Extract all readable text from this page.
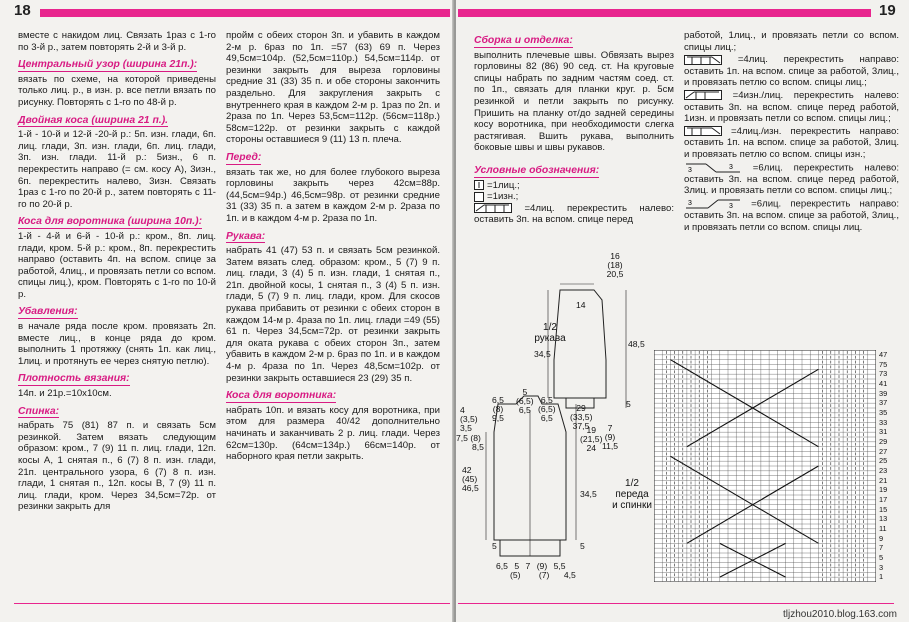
18

вместе с накидом лиц. Связать 1раз с 1-го по 3-й р., затем повторять 2-й и 3-й р.

Центральный узор (ширина 21п.):

вязать по схеме, на которой приведены только лиц. р., в изн. р. все петли вязать по рисунку. Повторять с 1-го по 48-й р.

Двойная коса (ширина 21 п.).

1-й - 10-й и 12-й -20-й р.: 5п. изн. глади, 6п. лиц. глади, 3п. изн. глади, 6п. лиц. глади, 3п. изн. глади. 11-й р.: 5изн., 6 п. перекрестить направо (= см. косу А), 3изн., 6п. перекрестить налево, 3изн. Связать 1раз с 1-го по 20-й р., затем повторять с 11-го по 20-й р.

Коса для воротника (ширина 10п.):

1-й - 4-й и 6-й - 10-й р.: кром., 8п. лиц. глади, кром. 5-й р.: кром., 8п. перекрестить направо (оставить 4п. на вспом. спице за работой, 4лиц., и провязать петли со вспом. спицы лиц.), кром. Повторять с 1-го по 10-й р.

Убавления:

в начале ряда после кром. провязать 2п. вместе лиц., в конце ряда до кром. выполнить 1 протяжку (снять 1п. как лиц., 1лиц. и протянуть ее через снятую петлю).

Плотность вязания:

14п. и 21р.=10х10см.

Спинка:

набрать 75 (81) 87 п. и связать 5см резинкой. Затем вязать следующим образом: кром., 7 (9) 11 п. лиц. глади, 12п. косы А, 1 снятая п., 6 (7) 8 п. изн. глади, 21п. центрального узора, 6 (7) 8 п. изн. глади, 1 снятая п., 12п. косы В, 7 (9) 11 п. лиц. глади, кром. Через 34,5см=72р. от резинки закрыть для

пройм с обеих сторон 3п. и убавить в каждом 2-м р. 6раз по 1п. =57 (63) 69 п. Через 49,5см=104р. (52,5см=110р.) 54,5см=114р. от резинки закрыть для выреза горловины средние 31 (33) 35 п. и обе стороны закончить раздельно. Для закругления закрыть с внутреннего края в каждом 2-м р. 1раз по 2п. и 2раза по 1п. Через 53,5см=112р. (56см=118р.) 58см=122р. от резинки закрыть с каждой стороны оставшиеся 9 (11) 13 п. плеча.

Перед:

вязать так же, но для более глубокого выреза горловины закрыть через 42см=88р. (44,5см=94р.) 46,5см=98р. от резинки средние 31 (33) 35 п. а затем в каждом 2-м р. 2раза по 1п. и в каждом 4-м р. 2раза по 1п.

Рукава:

набрать 41 (47) 53 п. и связать 5см резинкой. Затем вязать след. образом: кром., 5 (7) 9 п. лиц. глади, 3 (4) 5 п. изн. глади, 1 снятая п., 21п. двойной косы, 1 снятая п., 3 (4) 5 п. изн. глади, 5 (7) 9 п. лиц. глади, кром. Для скосов рукава прибавить от резинки с обеих сторон в каждом 14-м р. 4раза по 1п. лиц. глади =49 (55) 61 п. Через 34,5см=72р. от резинки закрыть для оката рукава с обеих сторон 3п., затем убавить в каждом 2-м р. 6раз по 1п. и в каждом 4-м р. 4раза по 1п. Через 48,5см=102р. от резинки закрыть оставшиеся 23 (29) 35 п.

Коса для воротника:

набрать 10п. и вязать косу для воротника, при этом для размера 40/42 дополнительно начинать и заканчивать 2 р. лиц. глади. Через 62см=130р. (64см=134р.) 66см=140р. от наборного края петли закрыть.

19
Сборка и отделка:

выполнить плечевые швы. Обвязать вырез горловины 82 (86) 90 сед. ст. На круговые спицы набрать по задним частям соед. ст. по 1п., связать для планки круг. р. 5см резинкой и петли закрыть по рисунку. Пришить на планку от/до задней середины косу воротника, при необходимости слегка растягивая. Вшить рукава, выполнить боковые швы и швы рукавов.

Условные обозначения:
=1лиц.;
=1изн.;

=4лиц. перекрестить налево: оставить 3п. на вспом. спице перед

работой, 1лиц., и провязать петли со вспом. спицы лиц.;

=4лиц. перекрестить направо: оставить 1п. на вспом. спице за работой, 3лиц., и провязать петлю со вспом. спицы лиц.;

=4изн./лиц. перекрестить налево: оставить 3п. на вспом. спице перед работой, 1изн. и провязать петли со вспом. спицы лиц.;

=4лиц./изн. перекрестить направо: оставить 1п. на вспом. спице за работой, 3лиц. и провязать петлю со вспом. спицы изн.;

3
3	=6лиц. перекрестить налево: оставить 3п. на вспом. спице перед работой, 3лиц. и провязать петли со вспом. спицы лиц.;

3	3 =6лиц. перекрестить направо: оставить 3п. на вспом. спице за работой, 3лиц., и провязать петли со вспом. спицы лиц.

1/2
рукава
16
(18)
20,5
14
48,5
34,5
29
(33,5)
37,5
5
1/2
переда
и спинки
4
(3,5)
3,5
7,5 (8)
8,5
6,5
(8)
9,5
5
(6,5)
6,5
6,5
(6,5)
6,5
42
(45)
46,5
19
(21,5)
24
7
(9)
11,5
34,5
5	5
6,5 5 7 (9) 5,5
(5) (7) 4,5
47
75
73
41
39
37
35
33
31
29
27
25
23
21
19
17
15
13
11
9
7
5
3
1
tljzhou2010.blog.163.com
